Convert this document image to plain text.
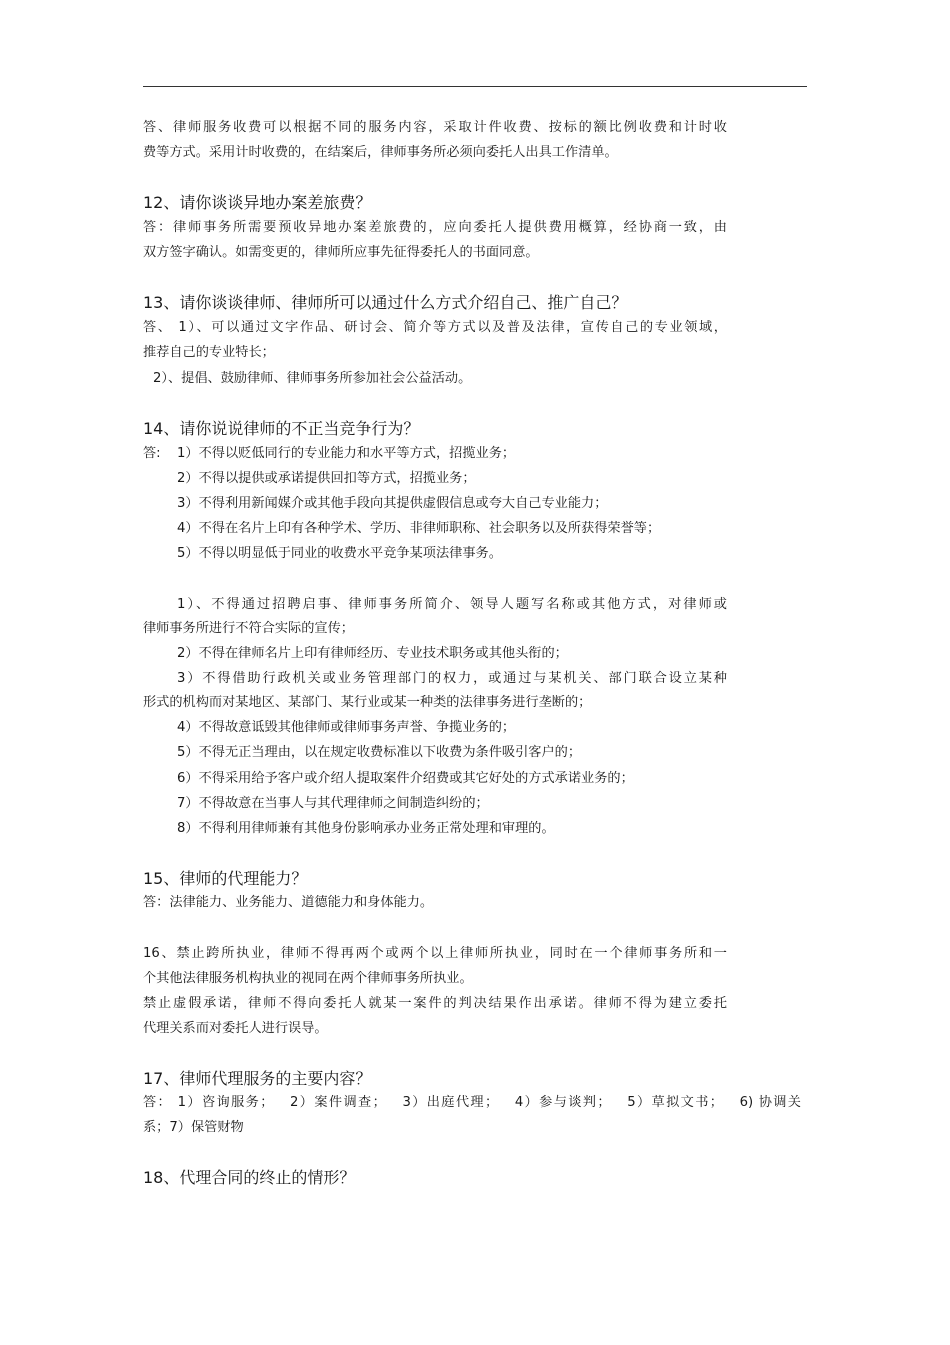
答、律师服务收费可以根据不同的服务内容，采取计件收费、按标的额比例收费和计时收
费等方式。采用计时收费的，在结案后，律师事务所必须向委托人出具工作清单。
12、请你谈谈异地办案差旅费？
答：律师事务所需要预收异地办案差旅费的，应向委托人提供费用概算，经协商一致，由
双方签字确认。如需变更的，律师所应事先征得委托人的书面同意。
13、请你谈谈律师、律师所可以通过什么方式介绍自己、推广自己？
答、 1）、可以通过文字作品、研讨会、简介等方式以及普及法律，宣传自己的专业领域，
推荐自己的专业特长；
2）、提倡、鼓励律师、律师事务所参加社会公益活动。
14、请你说说律师的不正当竞争行为？
答: 1）不得以贬低同行的专业能力和水平等方式，招揽业务；
2）不得以提供或承诺提供回扣等方式，招揽业务；
3）不得利用新闻媒介或其他手段向其提供虚假信息或夸大自己专业能力；
4）不得在名片上印有各种学术、学历、非律师职称、社会职务以及所获得荣誉等；
5）不得以明显低于同业的收费水平竞争某项法律事务。
1）、不得通过招聘启事、律师事务所简介、领导人题写名称或其他方式，对律师或
律师事务所进行不符合实际的宣传；
2）不得在律师名片上印有律师经历、专业技术职务或其他头衔的；
3）不得借助行政机关或业务管理部门的权力，或通过与某机关、部门联合设立某种
形式的机构而对某地区、某部门、某行业或某一种类的法律事务进行垄断的；
4）不得故意诋毁其他律师或律师事务声誉、争揽业务的；
5）不得无正当理由，以在规定收费标准以下收费为条件吸引客户的；
6）不得采用给予客户或介绍人提取案件介绍费或其它好处的方式承诺业务的；
7）不得故意在当事人与其代理律师之间制造纠纷的；
8）不得利用律师兼有其他身份影响承办业务正常处理和审理的。
15、律师的代理能力？
答：法律能力、业务能力、道德能力和身体能力。
16、禁止跨所执业，律师不得再两个或两个以上律师所执业，同时在一个律师事务所和一
个其他法律服务机构执业的视同在两个律师事务所执业。
禁止虚假承诺，律师不得向委托人就某一案件的判决结果作出承诺。律师不得为建立委托
代理关系而对委托人进行误导。
17、律师代理服务的主要内容？
答： 1）咨询服务；   2）案件调查；   3）出庭代理；   4）参与谈判；   5）草拟文书；   6) 协调关
系；7）保管财物
18、代理合同的终止的情形？
